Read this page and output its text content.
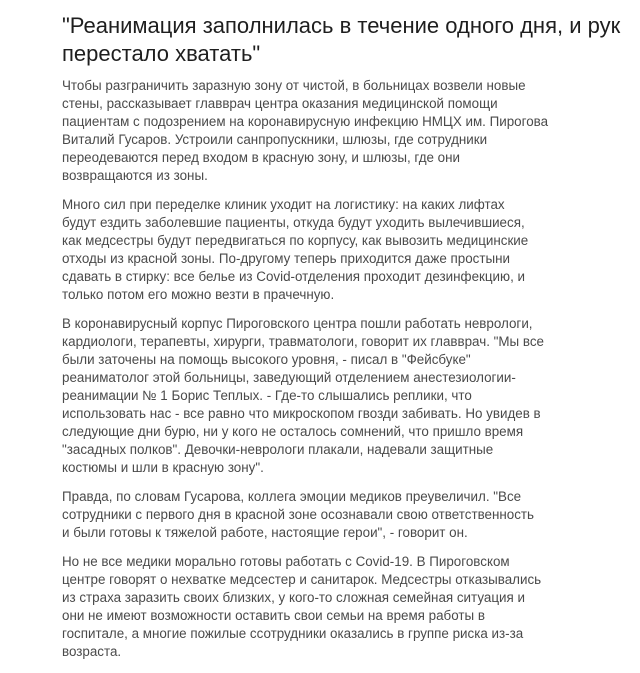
"Реанимация заполнилась в течение одного дня, и рук
перестало хватать"

Чтобы разграничить заразную зону от чистой, в больницах возвели новые
стены, рассказывает главврач центра оказания медицинской помощи
пациентам с подозрением на коронавирусную инфекцию НМЦХ им. Пирогова
Виталий Гусаров. Устроили санпропускники, шлюзы, где сотрудники
переодеваются перед входом в красную зону, и шлюзы, где они
возвращаются из зоны.

Много сил при переделке клиник уходит на логистику: на каких лифтах
будут ездить заболевшие пациенты, откуда будут уходить вылечившиеся,
как медсестры будут передвигаться по корпусу, как вывозить медицинские
отходы из красной зоны. По-другому теперь приходится даже простыни
сдавать в стирку: все белье из Covid-отделения проходит дезинфекцию, и
только потом его можно везти в прачечную.

В коронавирусный корпус Пироговского центра пошли работать неврологи,
кардиологи, терапевты, хирурги, травматологи, говорит их главврач. "Мы все
были заточены на помощь высокого уровня, - писал в "Фейсбуке"
реаниматолог этой больницы, заведующий отделением анестезиологии-
реанимации № 1 Борис Теплых. - Где-то слышались реплики, что
использовать нас - все равно что микроскопом гвозди забивать. Но увидев в
следующие дни бурю, ни у кого не осталось сомнений, что пришло время
"засадных полков". Девочки-неврологи плакали, надевали защитные
костюмы и шли в красную зону".

Правда, по словам Гусарова, коллега эмоции медиков преувеличил. "Все
сотрудники с первого дня в красной зоне осознавали свою ответственность
и были готовы к тяжелой работе, настоящие герои", - говорит он.

Но не все медики морально готовы работать с Covid-19. В Пироговском
центре говорят о нехватке медсестер и санитарок. Медсестры отказывались
из страха заразить своих близких, у кого-то сложная семейная ситуация и
они не имеют возможности оставить свои семьи на время работы в
госпитале, а многие пожилые ссотрудники оказались в группе риска из-за
возраста.
